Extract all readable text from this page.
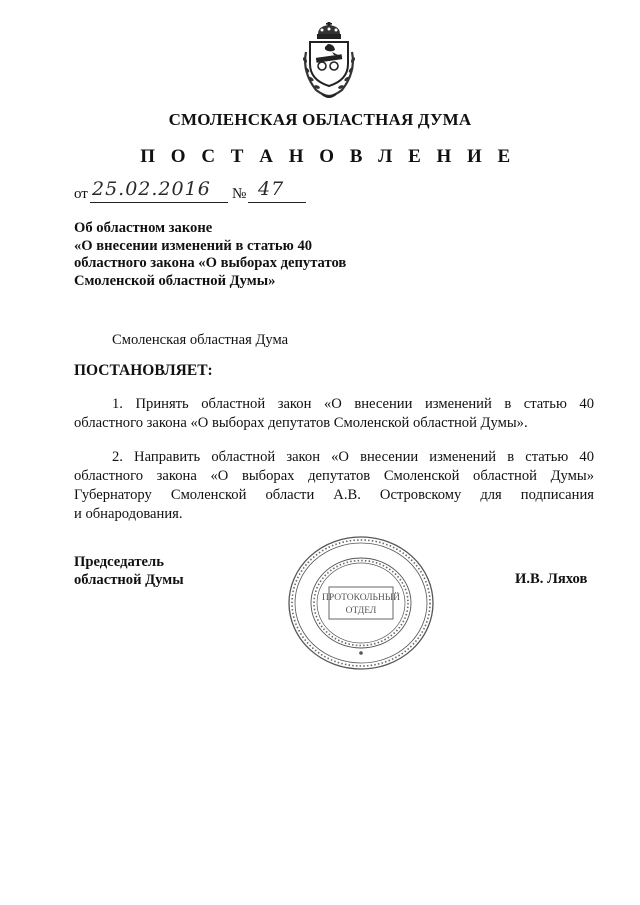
СМОЛЕНСКАЯ ОБЛАСТНАЯ ДУМА
П О С Т А Н О В Л Е Н И Е
от 25.02.2016 № 47
Об областном законе
«О внесении изменений в статью 40
областного закона «О выборах депутатов
Смоленской областной Думы»
Смоленская областная Дума
ПОСТАНОВЛЯЕТ:
1. Принять областной закон «О внесении изменений в статью 40
областного закона «О выборах депутатов Смоленской областной Думы».
2. Направить областной закон «О внесении изменений в статью 40
областного закона «О выборах депутатов Смоленской областной Думы»
Губернатору Смоленской области А.В. Островскому для подписания
и обнародования.
Председатель
областной Думы	И.В. Ляхов
ПРОТОКОЛЬНЫЙ
ОТДЕЛ
